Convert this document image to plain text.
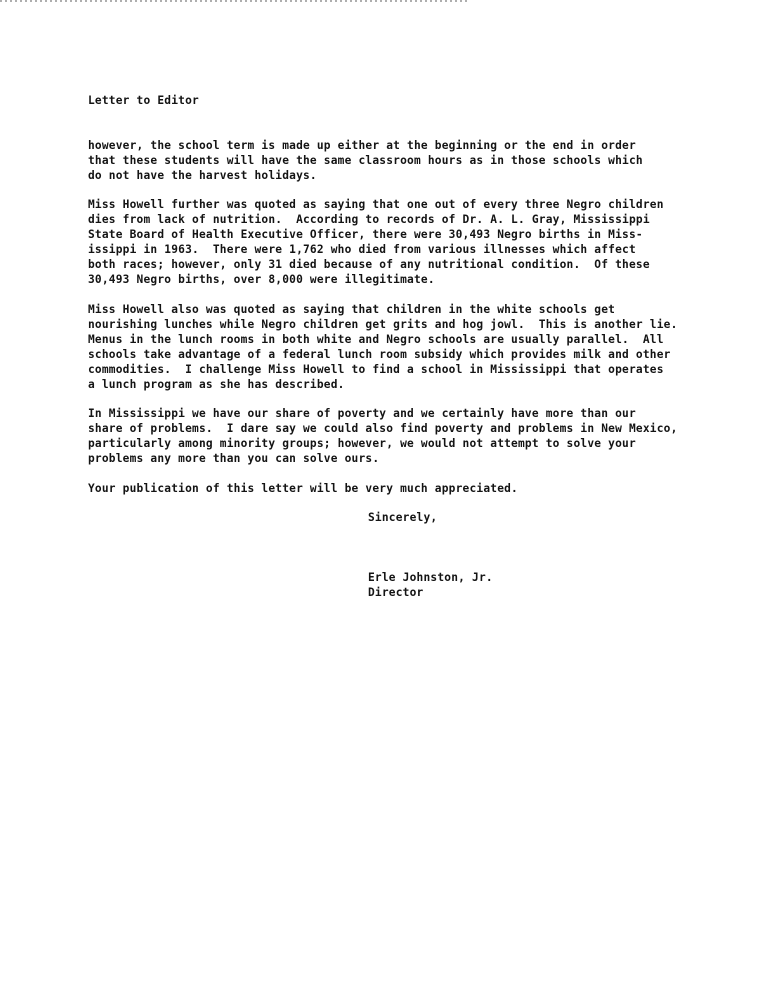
Letter to Editor
however, the school term is made up either at the beginning or the end in order
that these students will have the same classroom hours as in those schools which
do not have the harvest holidays.
Miss Howell further was quoted as saying that one out of every three Negro children
dies from lack of nutrition.  According to records of Dr. A. L. Gray, Mississippi
State Board of Health Executive Officer, there were 30,493 Negro births in Miss-
issippi in 1963.  There were 1,762 who died from various illnesses which affect
both races; however, only 31 died because of any nutritional condition.  Of these
30,493 Negro births, over 8,000 were illegitimate.
Miss Howell also was quoted as saying that children in the white schools get
nourishing lunches while Negro children get grits and hog jowl.  This is another lie.
Menus in the lunch rooms in both white and Negro schools are usually parallel.  All
schools take advantage of a federal lunch room subsidy which provides milk and other
commodities.  I challenge Miss Howell to find a school in Mississippi that operates
a lunch program as she has described.
In Mississippi we have our share of poverty and we certainly have more than our
share of problems.  I dare say we could also find poverty and problems in New Mexico,
particularly among minority groups; however, we would not attempt to solve your
problems any more than you can solve ours.
Your publication of this letter will be very much appreciated.
Sincerely,
Erle Johnston, Jr.
Director
